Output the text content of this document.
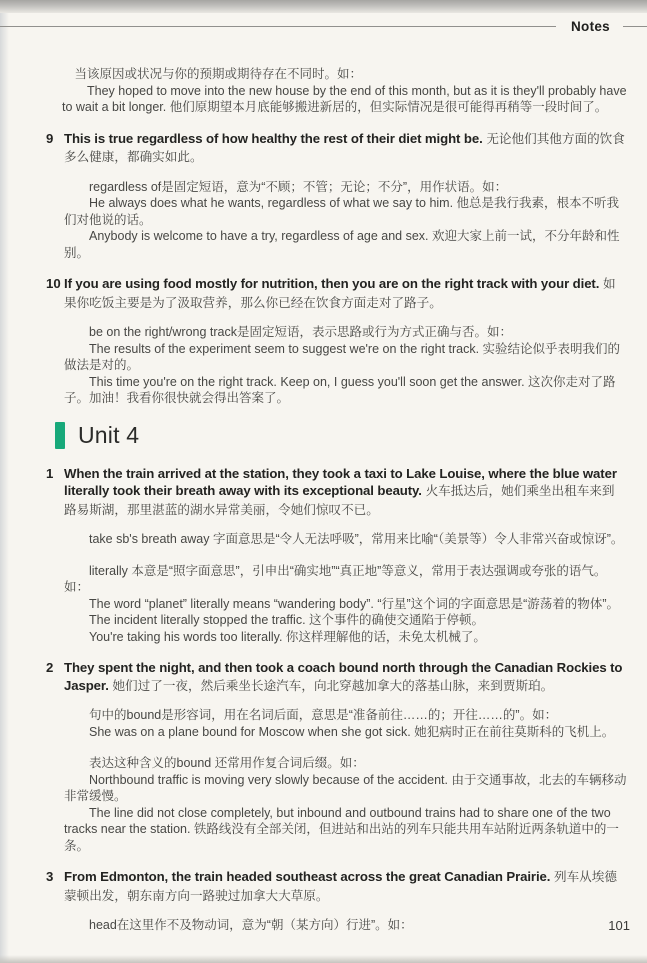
Notes

当该原因或状况与你的预期或期待存在不同时。如：

They hoped to move into the new house by the end of this month, but as it is they'll probably have to wait a bit longer. 他们原期望本月底能够搬进新居的，但实际情况是很可能得再稍等一段时间了。

9 This is true regardless of how healthy the rest of their diet might be. 无论他们其他方面的饮食多么健康，都确实如此。

regardless of是固定短语，意为“不顾；不管；无论；不分”，用作状语。如：

He always does what he wants, regardless of what we say to him. 他总是我行我素，根本不听我们对他说的话。

Anybody is welcome to have a try, regardless of age and sex. 欢迎大家上前一试，不分年龄和性别。

10 If you are using food mostly for nutrition, then you are on the right track with your diet. 如果你吃饭主要是为了汲取营养，那么你已经在饮食方面走对了路子。

be on the right/wrong track是固定短语，表示思路或行为方式正确与否。如：

The results of the experiment seem to suggest we're on the right track. 实验结论似乎表明我们的做法是对的。

This time you're on the right track. Keep on, I guess you'll soon get the answer. 这次你走对了路子。加油！我看你很快就会得出答案了。

Unit 4
1 When the train arrived at the station, they took a taxi to Lake Louise, where the blue water literally took their breath away with its exceptional beauty. 火车抵达后，她们乘坐出租车来到路易斯湖，那里湛蓝的湖水异常美丽，令她们惊叹不已。

take sb's breath away 字面意思是“令人无法呼吸”，常用来比喻“（美景等）令人非常兴奋或惊讶”。

literally 本意是“照字面意思”，引申出“确实地”“真正地”等意义，常用于表达强调或夸张的语气。如：

The word “planet” literally means “wandering body”. “行星”这个词的字面意思是“游荡着的物体”。

The incident literally stopped the traffic. 这个事件的确使交通陷于停顿。

You're taking his words too literally. 你这样理解他的话，未免太机械了。

2 They spent the night, and then took a coach bound north through the Canadian Rockies to Jasper. 她们过了一夜，然后乘坐长途汽车，向北穿越加拿大的落基山脉，来到贾斯珀。

句中的bound是形容词，用在名词后面，意思是“准备前往……的；开往……的”。如：

She was on a plane bound for Moscow when she got sick. 她犯病时正在前往莫斯科的飞机上。

表达这种含义的bound 还常用作复合词后缀。如：

Northbound traffic is moving very slowly because of the accident. 由于交通事故，北去的车辆移动非常缓慢。

The line did not close completely, but inbound and outbound trains had to share one of the two tracks near the station. 铁路线没有全部关闭，但进站和出站的列车只能共用车站附近两条轨道中的一条。

3 From Edmonton, the train headed southeast across the great Canadian Prairie. 列车从埃德蒙顿出发，朝东南方向一路驶过加拿大大草原。

head在这里作不及物动词，意为“朝（某方向）行进”。如：	101
